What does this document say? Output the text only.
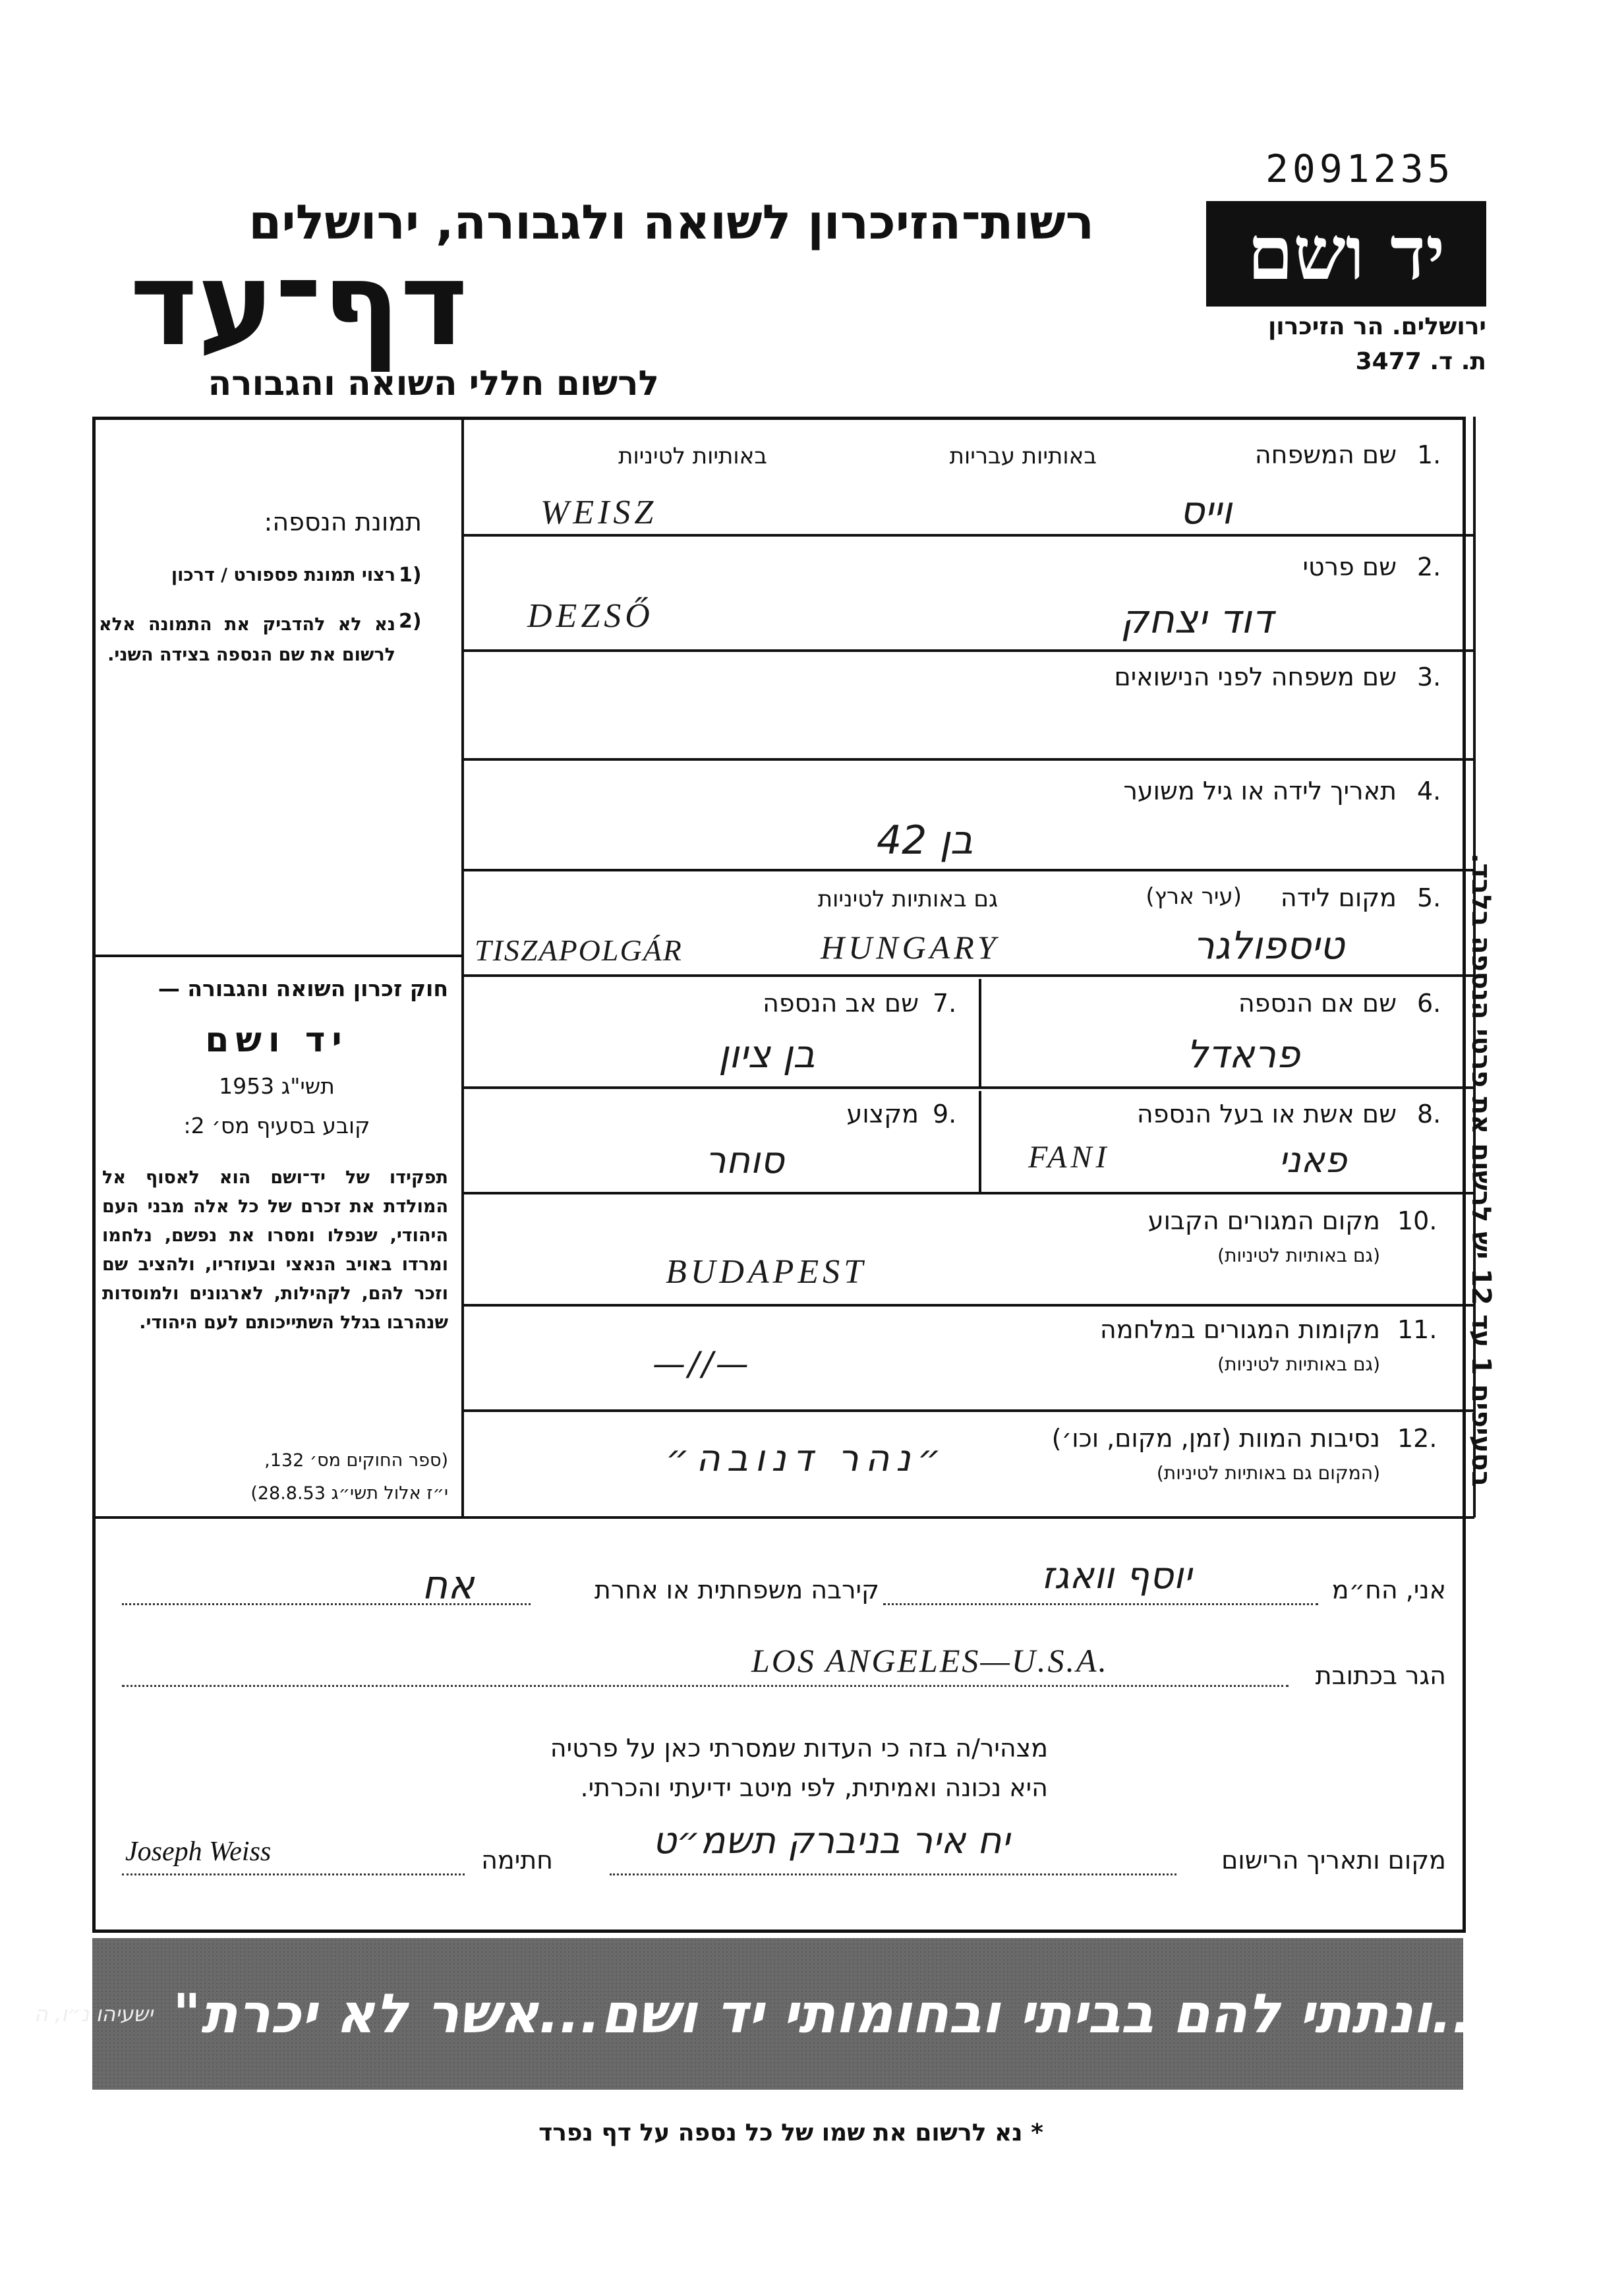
2091235
רשות־הזיכרון לשואה ולגבורה, ירושלים
דף־עד
לרשום חללי השואה והגבורה
יד ושם
ירושלים. הר הזיכרון
ת. ד. 3477
תמונת הנספה:
1)
רצוי תמונת פספורט / דרכון
2)
נא לא להדביק את התמונה אלא לרשום את שם הנספה בצידה השני.
חוק זכרון השואה והגבורה —
יד ושם
תשי"ג 1953
קובע בסעיף מס׳ 2:
תפקידו של יד־ושם הוא לאסוף אל המולדת את זכרם של כל אלה מבני העם היהודי, שנפלו ומסרו את נפשם, נלחמו ומרדו באויב הנאצי ובעוזריו, ולהציב שם וזכר להם, לקהילות, לארגונים ולמוסדות שנהרבו בגלל השתייכותם לעם היהודי.
(ספר החוקים מס׳ 132,
י״ז אלול תשי״ג 28.8.53)
1.
שם המשפחה
באותיות עבריות
באותיות לטיניות
WEISZ	וייס
2.
שם פרטי
DEZSŐ	דוד יצחק
3.
שם משפחה לפני הנישואים
4.
תאריך לידה או גיל משוער
בן 42
5.
מקום לידה
(עיר ארץ)
גם באותיות לטיניות
TISZAPOLGÁR	HUNGARY	טיספולגר
6.
שם אם הנספה
פראדל
7.
שם אב הנספה
בן ציון
8.
שם אשת או בעל הנספה
FANI	פאני
9.
מקצוע
סוחר
10.
מקום המגורים הקבוע
(גם באותיות לטיניות)
BUDAPEST
11.
מקומות המגורים במלחמה
(גם באותיות לטיניות)
—//—
12.
נסיבות המוות (זמן, מקום, וכו׳)
(המקום גם באותיות לטיניות)
״נהר דנובה״
אני, הח״מ
יוסף וואגז
קירבה משפחתית או אחרת
אח
הגר בכתובת
LOS ANGELES—U.S.A.
מצהיר/ה בזה כי העדות שמסרתי כאן על פרטיה
היא נכונה ואמיתית, לפי מיטב ידיעתי והכרתי.
מקום ותאריך הרישום
יח איר בניברק תשמ״ט
חתימה
Joseph Weiss
בסעיפים 1 עד 12 יש לרשום את פרטי הנספה בלבד.
"...ונתתי להם בביתי ובחומותי יד ושם...אשר לא יכרת"
ישעיהו נ״ו, ה
* נא לרשום את שמו של כל נספה על דף נפרד
